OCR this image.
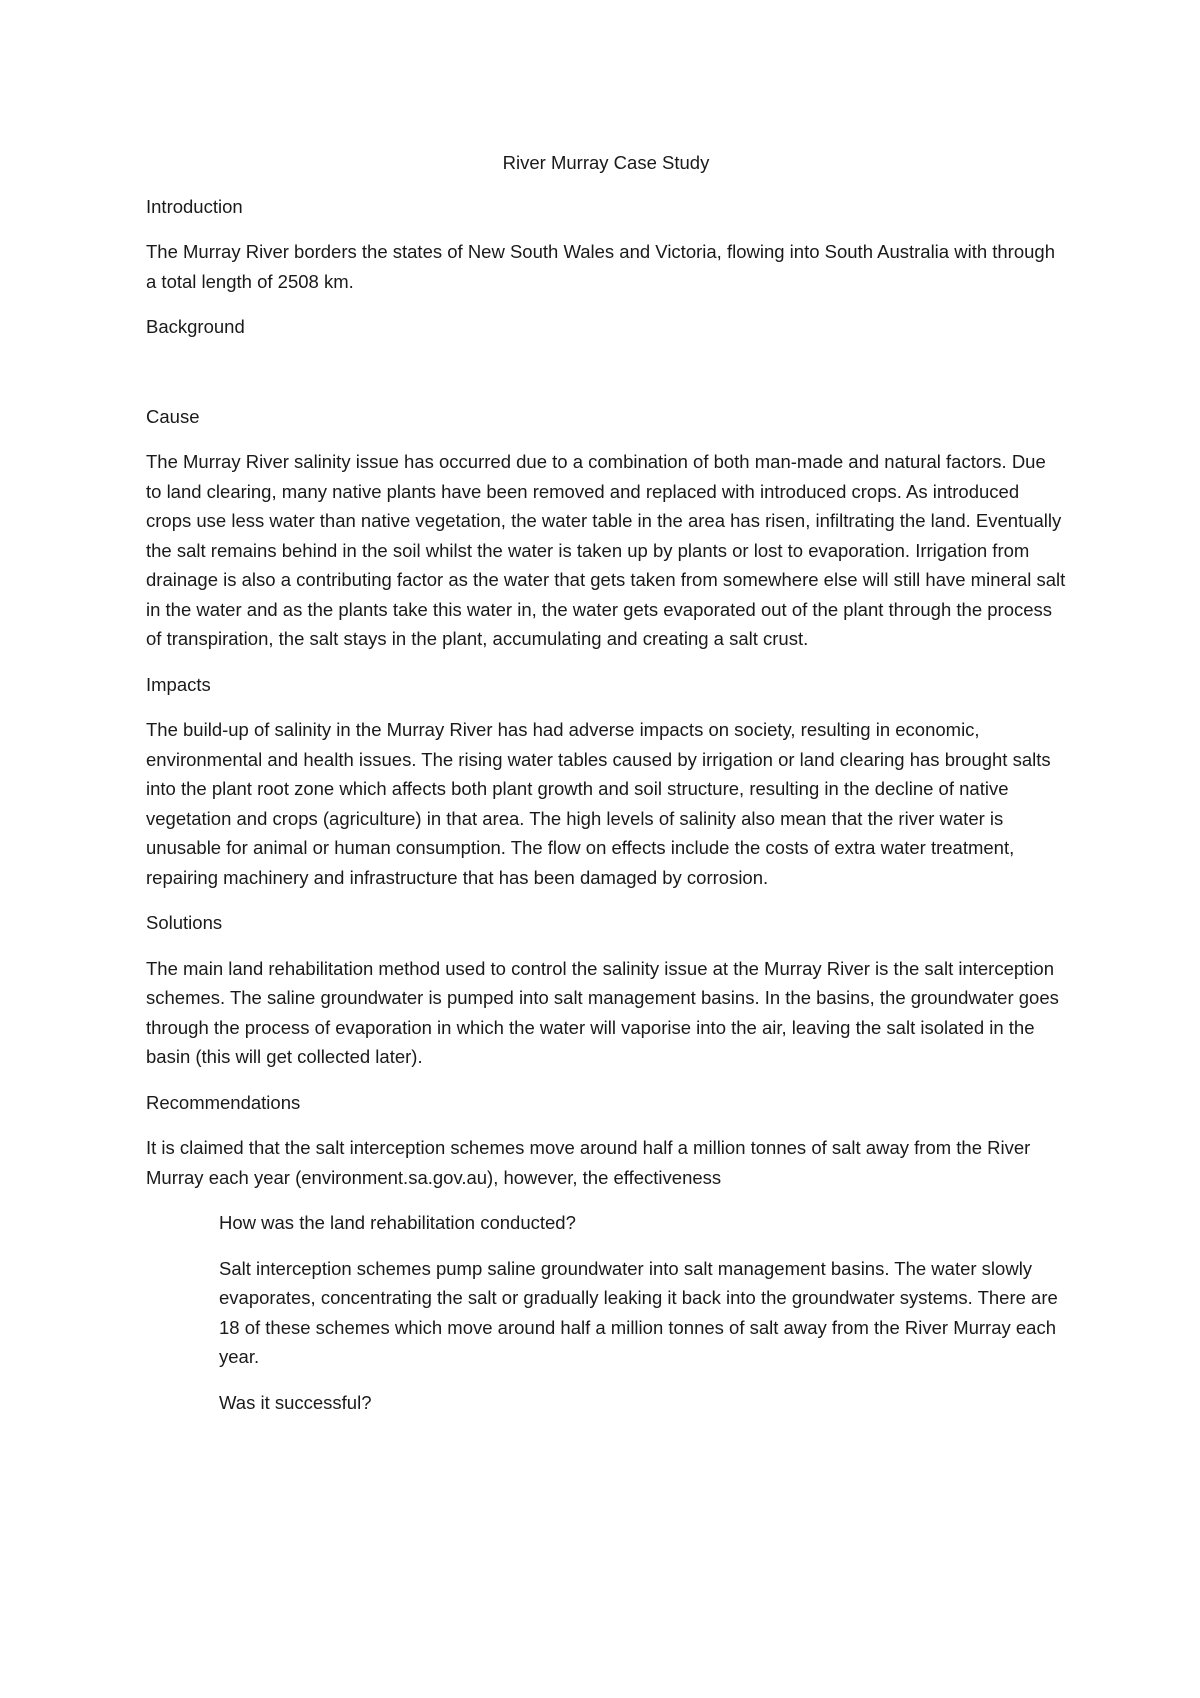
River Murray Case Study
Introduction
The Murray River borders the states of New South Wales and Victoria, flowing into South Australia with through a total length of 2508 km.
Background
Cause
The Murray River salinity issue has occurred due to a combination of both man-made and natural factors. Due to land clearing, many native plants have been removed and replaced with introduced crops. As introduced crops use less water than native vegetation, the water table in the area has risen, infiltrating the land. Eventually the salt remains behind in the soil whilst the water is taken up by plants or lost to evaporation. Irrigation from drainage is also a contributing factor as the water that gets taken from somewhere else will still have mineral salt in the water and as the plants take this water in, the water gets evaporated out of the plant through the process of transpiration, the salt stays in the plant, accumulating and creating a salt crust.
Impacts
The build-up of salinity in the Murray River has had adverse impacts on society, resulting in economic, environmental and health issues. The rising water tables caused by irrigation or land clearing has brought salts into the plant root zone which affects both plant growth and soil structure, resulting in the decline of native vegetation and crops (agriculture) in that area. The high levels of salinity also mean that the river water is unusable for animal or human consumption. The flow on effects include the costs of extra water treatment, repairing machinery and infrastructure that has been damaged by corrosion.
Solutions
The main land rehabilitation method used to control the salinity issue at the Murray River is the salt interception schemes. The saline groundwater is pumped into salt management basins. In the basins, the groundwater goes through the process of evaporation in which the water will vaporise into the air, leaving the salt isolated in the basin (this will get collected later).
Recommendations
It is claimed that the salt interception schemes move around half a million tonnes of salt away from the River Murray each year (environment.sa.gov.au), however, the effectiveness
How was the land rehabilitation conducted?
Salt interception schemes pump saline groundwater into salt management basins. The water slowly evaporates, concentrating the salt or gradually leaking it back into the groundwater systems. There are 18 of these schemes which move around half a million tonnes of salt away from the River Murray each year.
Was it successful?
